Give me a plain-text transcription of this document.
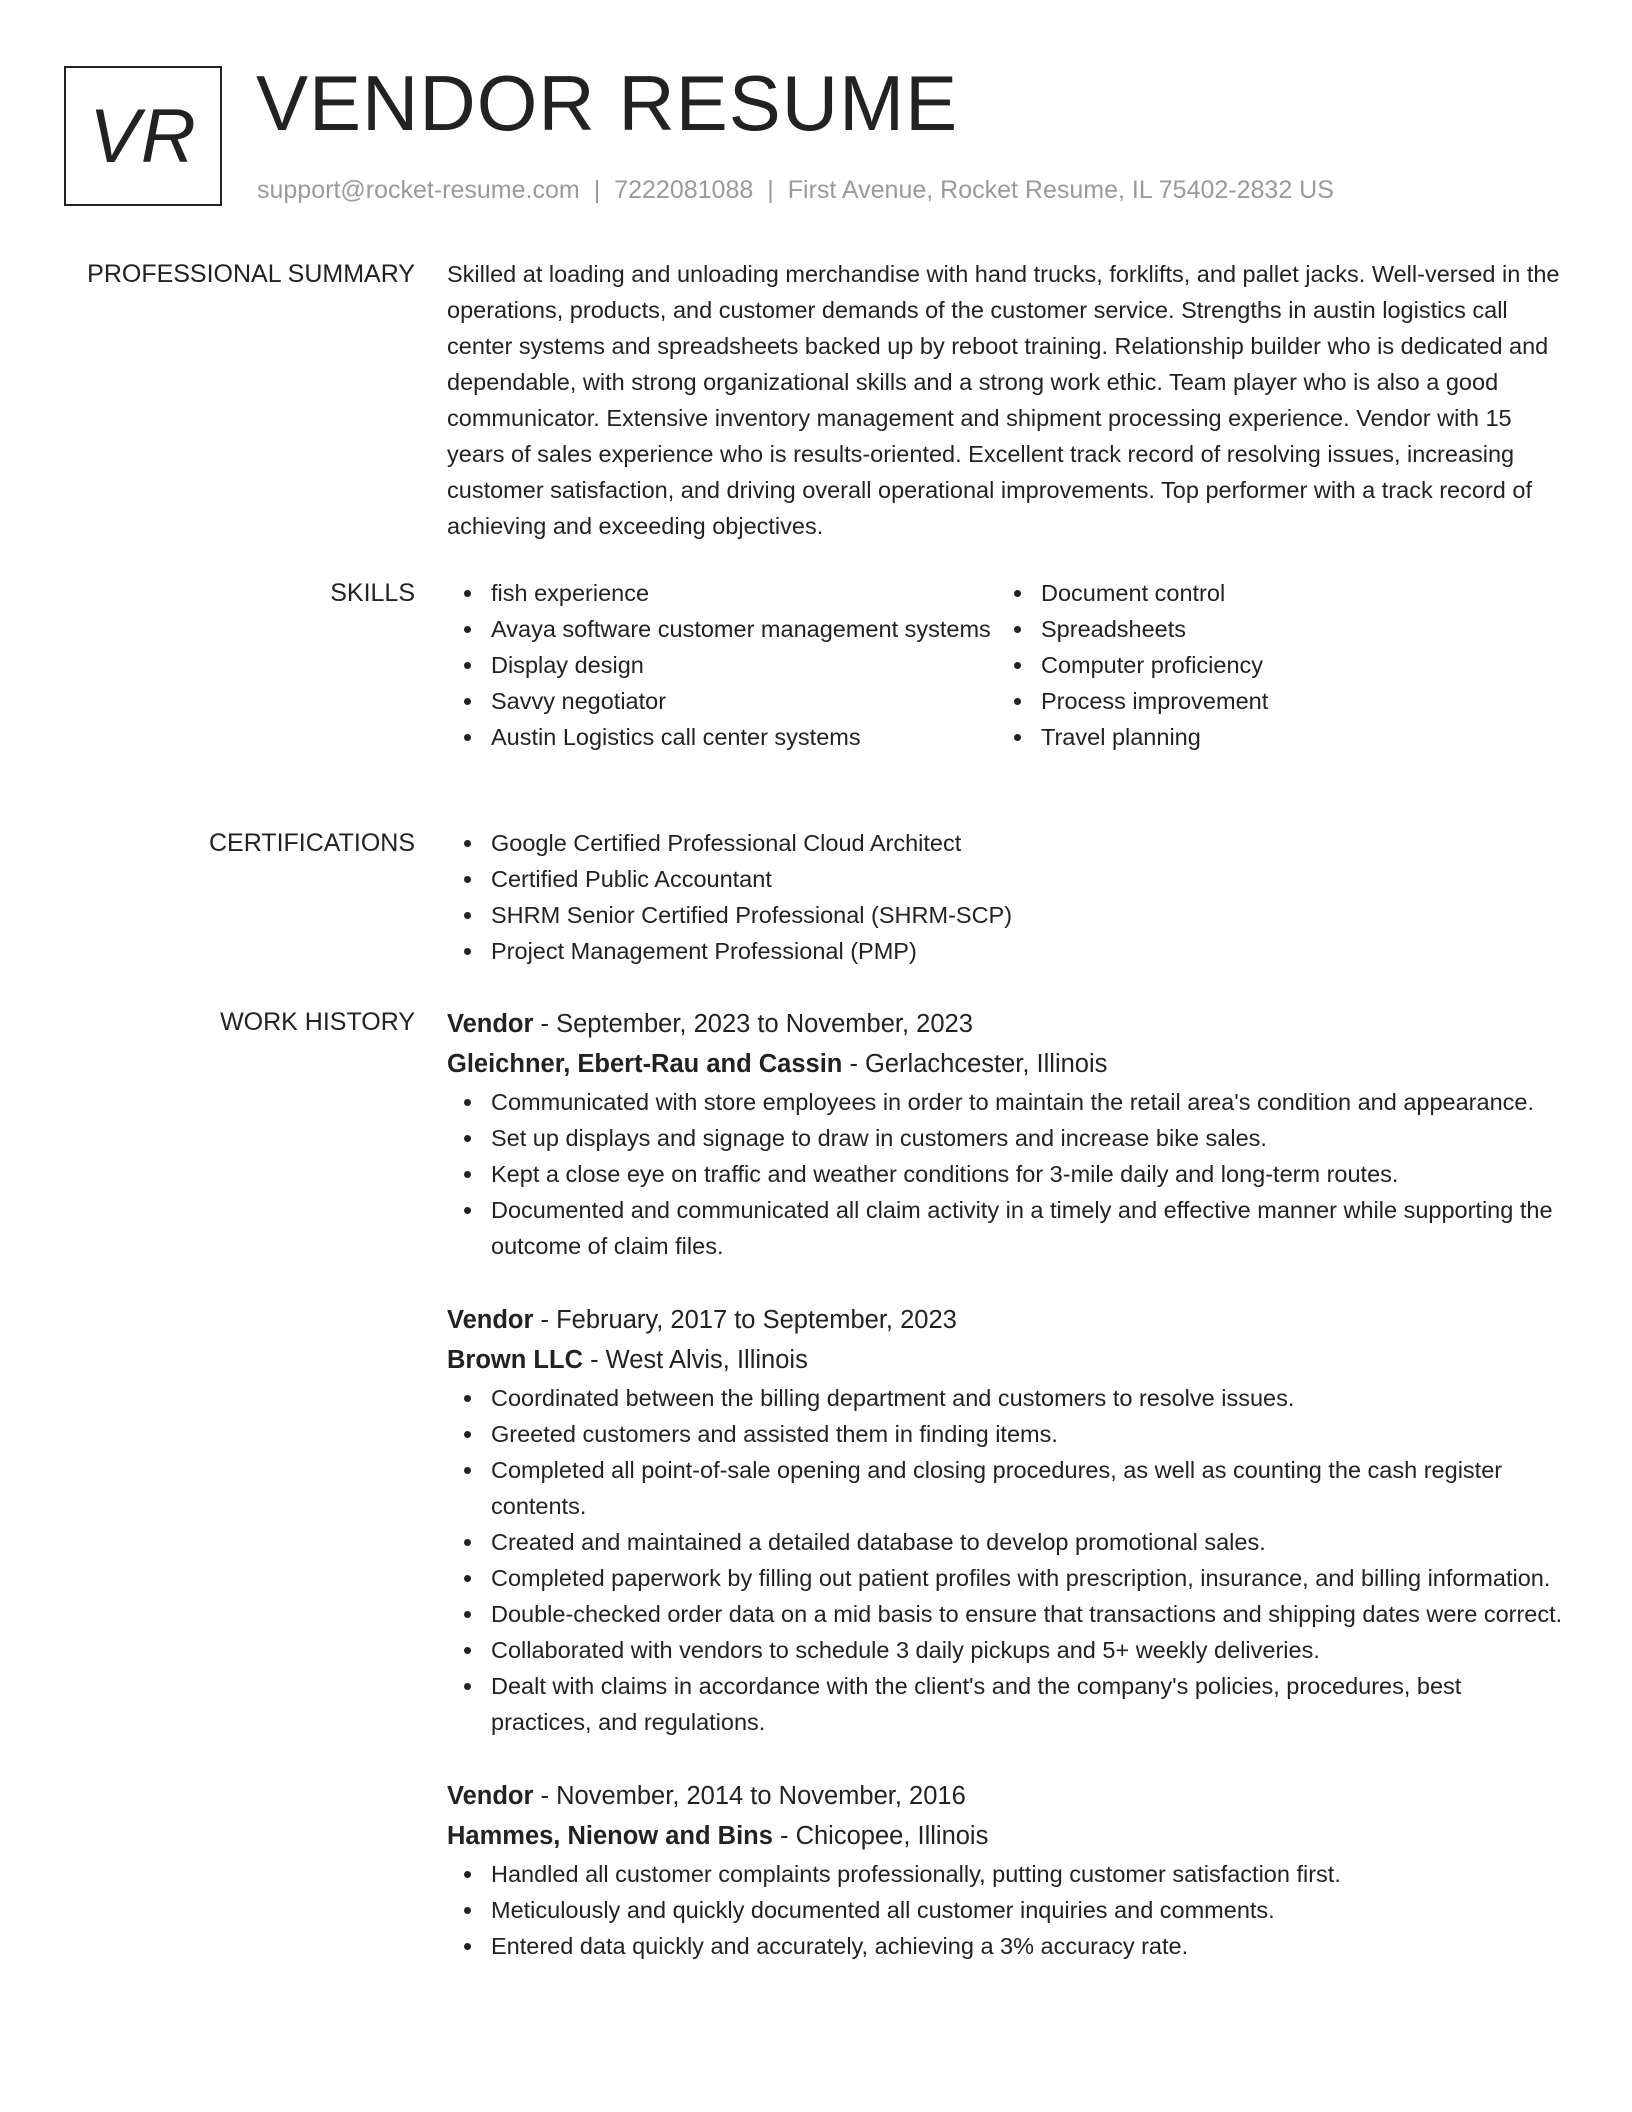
VR VENDOR RESUME
support@rocket-resume.com | 7222081088 | First Avenue, Rocket Resume, IL 75402-2832 US
PROFESSIONAL SUMMARY Skilled at loading and unloading merchandise with hand trucks, forklifts, and pallet jacks. Well-versed in the operations, products, and customer demands of the customer service. Strengths in austin logistics call center systems and spreadsheets backed up by reboot training. Relationship builder who is dedicated and dependable, with strong organizational skills and a strong work ethic. Team player who is also a good communicator. Extensive inventory management and shipment processing experience. Vendor with 15 years of sales experience who is results-oriented. Excellent track record of resolving issues, increasing customer satisfaction, and driving overall operational improvements. Top performer with a track record of achieving and exceeding objectives.

SKILLS	fish experience
Avaya software customer management systems
Display design
Savvy negotiator
Austin Logistics call center systems
Document control
Spreadsheets
Computer proficiency
Process improvement
Travel planning
CERTIFICATIONS	Google Certified Professional Cloud Architect
Certified Public Accountant
SHRM Senior Certified Professional (SHRM-SCP)
Project Management Professional (PMP)
WORK HISTORY Vendor - September, 2023 to November, 2023
Gleichner, Ebert-Rau and Cassin - Gerlachcester, Illinois
Communicated with store employees in order to maintain the retail area's condition and appearance.
Set up displays and signage to draw in customers and increase bike sales.
Kept a close eye on traffic and weather conditions for 3-mile daily and long-term routes.
Documented and communicated all claim activity in a timely and effective manner while supporting the outcome of claim files.
Vendor - February, 2017 to September, 2023
Brown LLC - West Alvis, Illinois
Coordinated between the billing department and customers to resolve issues.
Greeted customers and assisted them in finding items.
Completed all point-of-sale opening and closing procedures, as well as counting the cash register contents.
Created and maintained a detailed database to develop promotional sales.
Completed paperwork by filling out patient profiles with prescription, insurance, and billing information.
Double-checked order data on a mid basis to ensure that transactions and shipping dates were correct.
Collaborated with vendors to schedule 3 daily pickups and 5+ weekly deliveries.
Dealt with claims in accordance with the client's and the company's policies, procedures, best practices, and regulations.
Vendor - November, 2014 to November, 2016
Hammes, Nienow and Bins - Chicopee, Illinois
Handled all customer complaints professionally, putting customer satisfaction first.
Meticulously and quickly documented all customer inquiries and comments.
Entered data quickly and accurately, achieving a 3% accuracy rate.
